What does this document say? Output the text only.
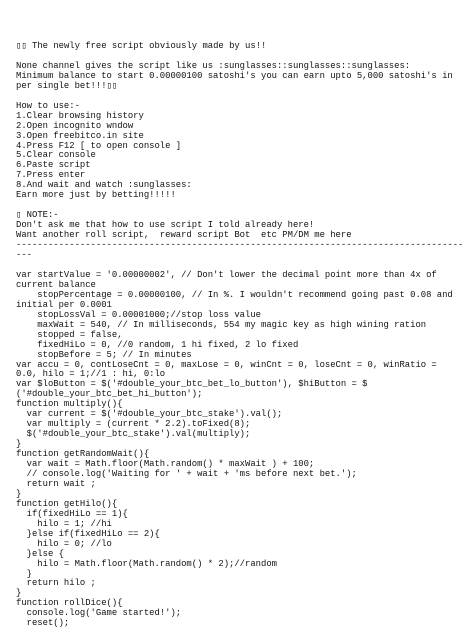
▯▯ The newly free script obviously made by us!!
None channel gives the script like us :sunglasses::sunglasses::sunglasses:
Minimum balance to start 0.00000100 satoshi's you can earn upto 5,000 satoshi's in
per single bet!!!▯▯
How to use:-
1.Clear browsing history
2.Open incognito wndow
3.Open freebitco.in site
4.Press F12 [ to open console ]
5.Clear console
6.Paste script
7.Press enter
8.And wait and watch :sunglasses:
Earn more just by betting!!!!!
▯ NOTE:-
Don't ask me that how to use script I told already here!
Want another roll script,  reward script Bot  etc PM/DM me here
------------------------------------------------------------------------------------
---
var startValue = '0.00000002', // Don't lower the decimal point more than 4x of
current balance
stopPercentage = 0.00000100, // In %. I wouldn't recommend going past 0.08 and
initial per 0.0001
stopLossVal = 0.00001000;//stop loss value
maxWait = 540, // In milliseconds, 554 my magic key as high wining ration
stopped = false,
fixedHiLo = 0, //0 random, 1 hi fixed, 2 lo fixed
stopBefore = 5; // In minutes
var accu = 0, contLoseCnt = 0, maxLose = 0, winCnt = 0, loseCnt = 0, winRatio =
0.0, hilo = 1;//1 : hi, 0:lo
var $loButton = $('#double_your_btc_bet_lo_button'), $hiButton = $
('#double_your_btc_bet_hi_button');
function multiply(){
var current = $('#double_your_btc_stake').val();
var multiply = (current * 2.2).toFixed(8);
$('#double_your_btc_stake').val(multiply);
}
function getRandomWait(){
var wait = Math.floor(Math.random() * maxWait ) + 100;
// console.log('Waiting for ' + wait + 'ms before next bet.');
return wait ;
}
function getHilo(){
if(fixedHiLo == 1){
hilo = 1; //hi
}else if(fixedHiLo == 2){
hilo = 0; //lo
}else {
hilo = Math.floor(Math.random() * 2);//random
}
return hilo ;
}
function rollDice(){
console.log('Game started!');
reset();
